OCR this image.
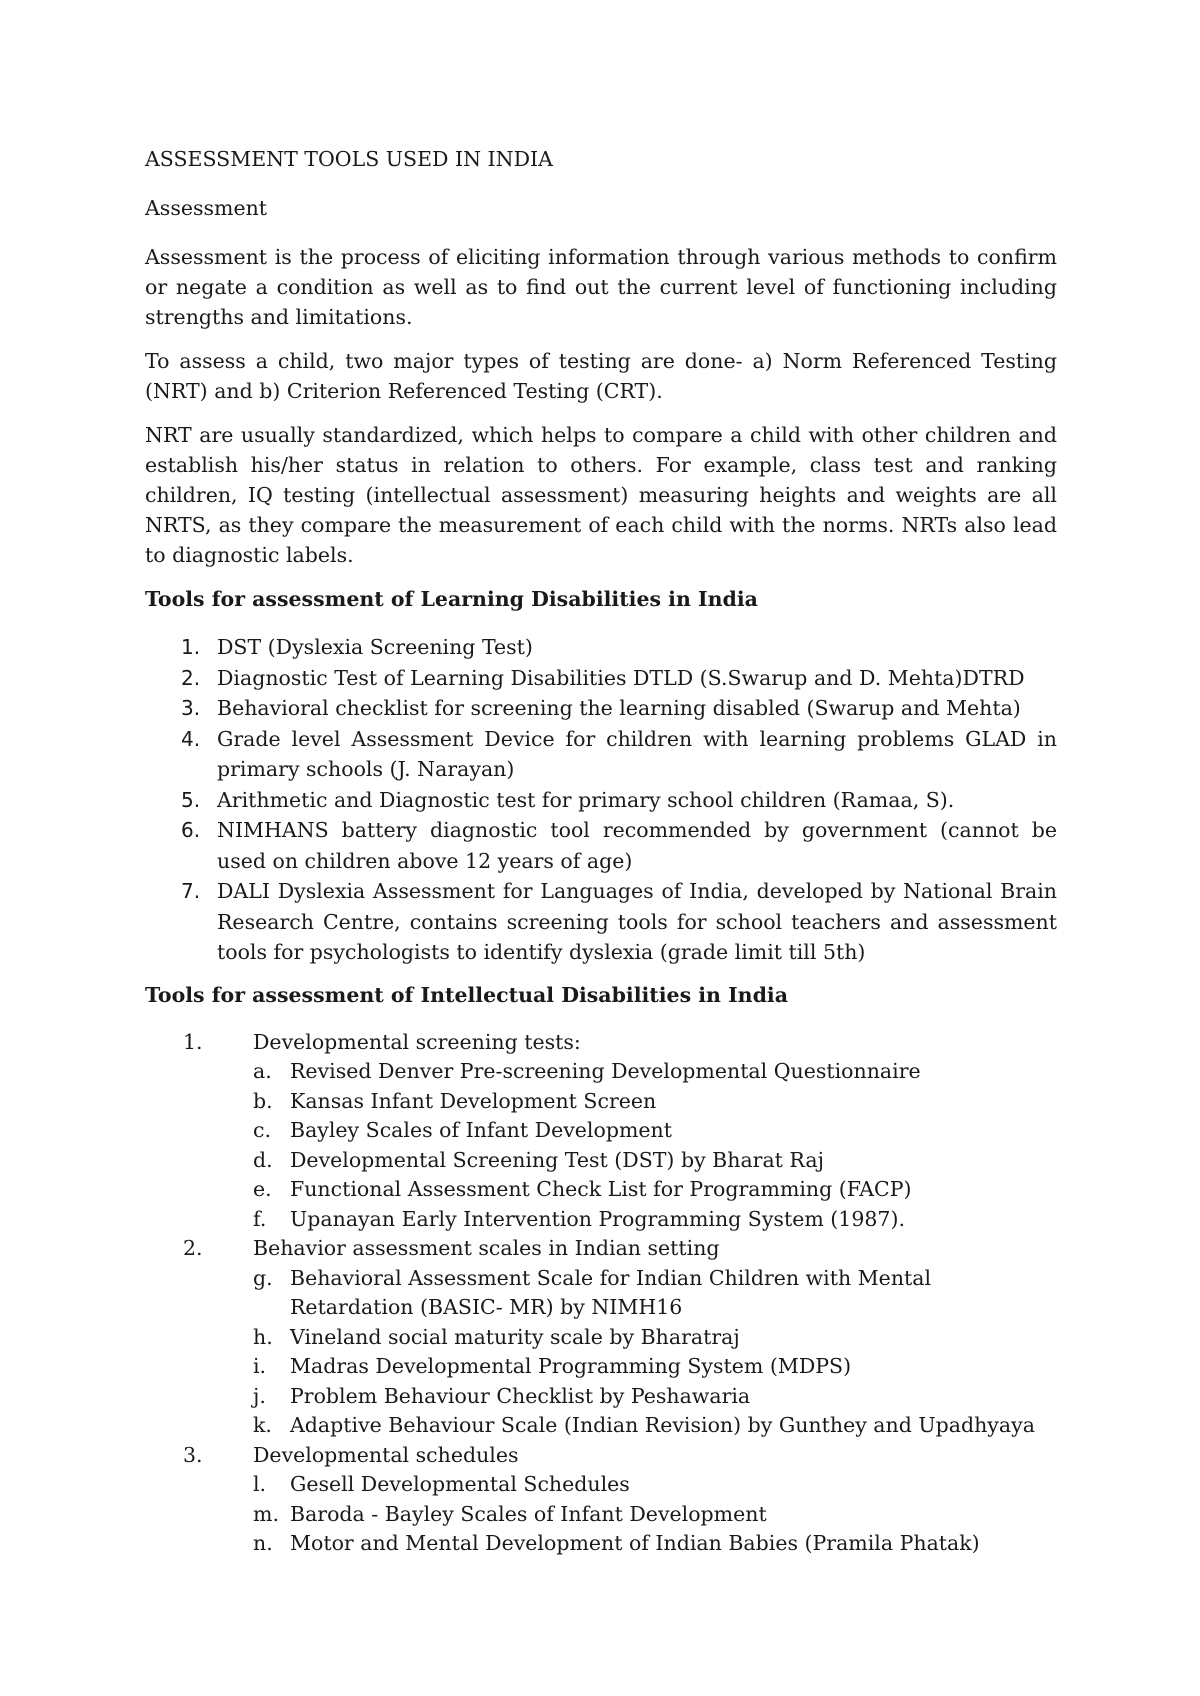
ASSESSMENT TOOLS USED IN INDIA

Assessment

Assessment is the process of eliciting information through various methods to confirm or negate a condition as well as to find out the current level of functioning including strengths and limitations.

To assess a child, two major types of testing are done- a) Norm Referenced Testing (NRT) and b) Criterion Referenced Testing (CRT).

NRT are usually standardized, which helps to compare a child with other children and establish his/her status in relation to others. For example, class test and ranking children, IQ testing (intellectual assessment) measuring heights and weights are all NRTS, as they compare the measurement of each child with the norms. NRTs also lead to diagnostic labels.

Tools for assessment of Learning Disabilities in India

1. DST (Dyslexia Screening Test)
2. Diagnostic Test of Learning Disabilities DTLD (S.Swarup and D. Mehta)DTRD
3. Behavioral checklist for screening the learning disabled (Swarup and Mehta)
4. Grade level Assessment Device for children with learning problems GLAD in primary schools (J. Narayan)
5. Arithmetic and Diagnostic test for primary school children (Ramaa, S).
6. NIMHANS battery diagnostic tool recommended by government (cannot be used on children above 12 years of age)
7. DALI Dyslexia Assessment for Languages of India, developed by National Brain Research Centre, contains screening tools for school teachers and assessment tools for psychologists to identify dyslexia (grade limit till 5th)

Tools for assessment of Intellectual Disabilities in India

1. Developmental screening tests:
a. Revised Denver Pre-screening Developmental Questionnaire
b. Kansas Infant Development Screen
c. Bayley Scales of Infant Development
d. Developmental Screening Test (DST) by Bharat Raj
e. Functional Assessment Check List for Programming (FACP)
f. Upanayan Early Intervention Programming System (1987).
2. Behavior assessment scales in Indian setting
g. Behavioral Assessment Scale for Indian Children with Mental Retardation (BASIC- MR) by NIMH16
h. Vineland social maturity scale by Bharatraj
i. Madras Developmental Programming System (MDPS)
j. Problem Behaviour Checklist by Peshawaria
k. Adaptive Behaviour Scale (Indian Revision) by Gunthey and Upadhyaya
3. Developmental schedules
l. Gesell Developmental Schedules
m. Baroda - Bayley Scales of Infant Development
n. Motor and Mental Development of Indian Babies (Pramila Phatak)
